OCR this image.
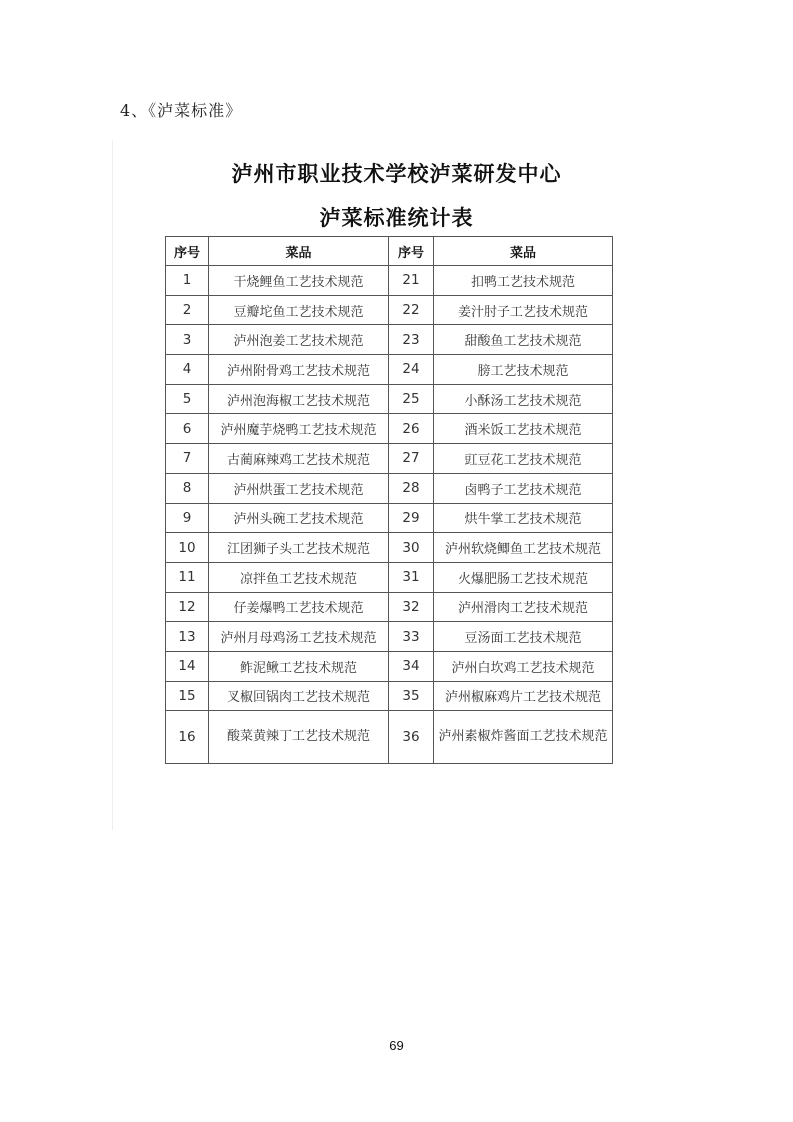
4、《泸菜标准》
泸州市职业技术学校泸菜研发中心
泸菜标准统计表
序号	菜品	序号	菜品
1	干烧鲤鱼工艺技术规范	21	扣鸭工艺技术规范
2	豆瓣坨鱼工艺技术规范	22	姜汁肘子工艺技术规范
3	泸州泡姜工艺技术规范	23	甜酸鱼工艺技术规范
4	泸州附骨鸡工艺技术规范	24	膀工艺技术规范
5	泸州泡海椒工艺技术规范	25	小酥汤工艺技术规范
6	泸州魔芋烧鸭工艺技术规范	26	酒米饭工艺技术规范
7	古蔺麻辣鸡工艺技术规范	27	豇豆花工艺技术规范
8	泸州烘蛋工艺技术规范	28	卤鸭子工艺技术规范
9	泸州头碗工艺技术规范	29	烘牛掌工艺技术规范
10	江团狮子头工艺技术规范	30	泸州软烧鲫鱼工艺技术规范
11	凉拌鱼工艺技术规范	31	火爆肥肠工艺技术规范
12	仔姜爆鸭工艺技术规范	32	泸州滑肉工艺技术规范
13	泸州月母鸡汤工艺技术规范	33	豆汤面工艺技术规范
14	鲊泥鳅工艺技术规范	34	泸州白坎鸡工艺技术规范
15	叉椒回锅肉工艺技术规范	35	泸州椒麻鸡片工艺技术规范
16	酸菜黄辣丁工艺技术规范	36	泸州素椒炸酱面工艺技术规范
69
